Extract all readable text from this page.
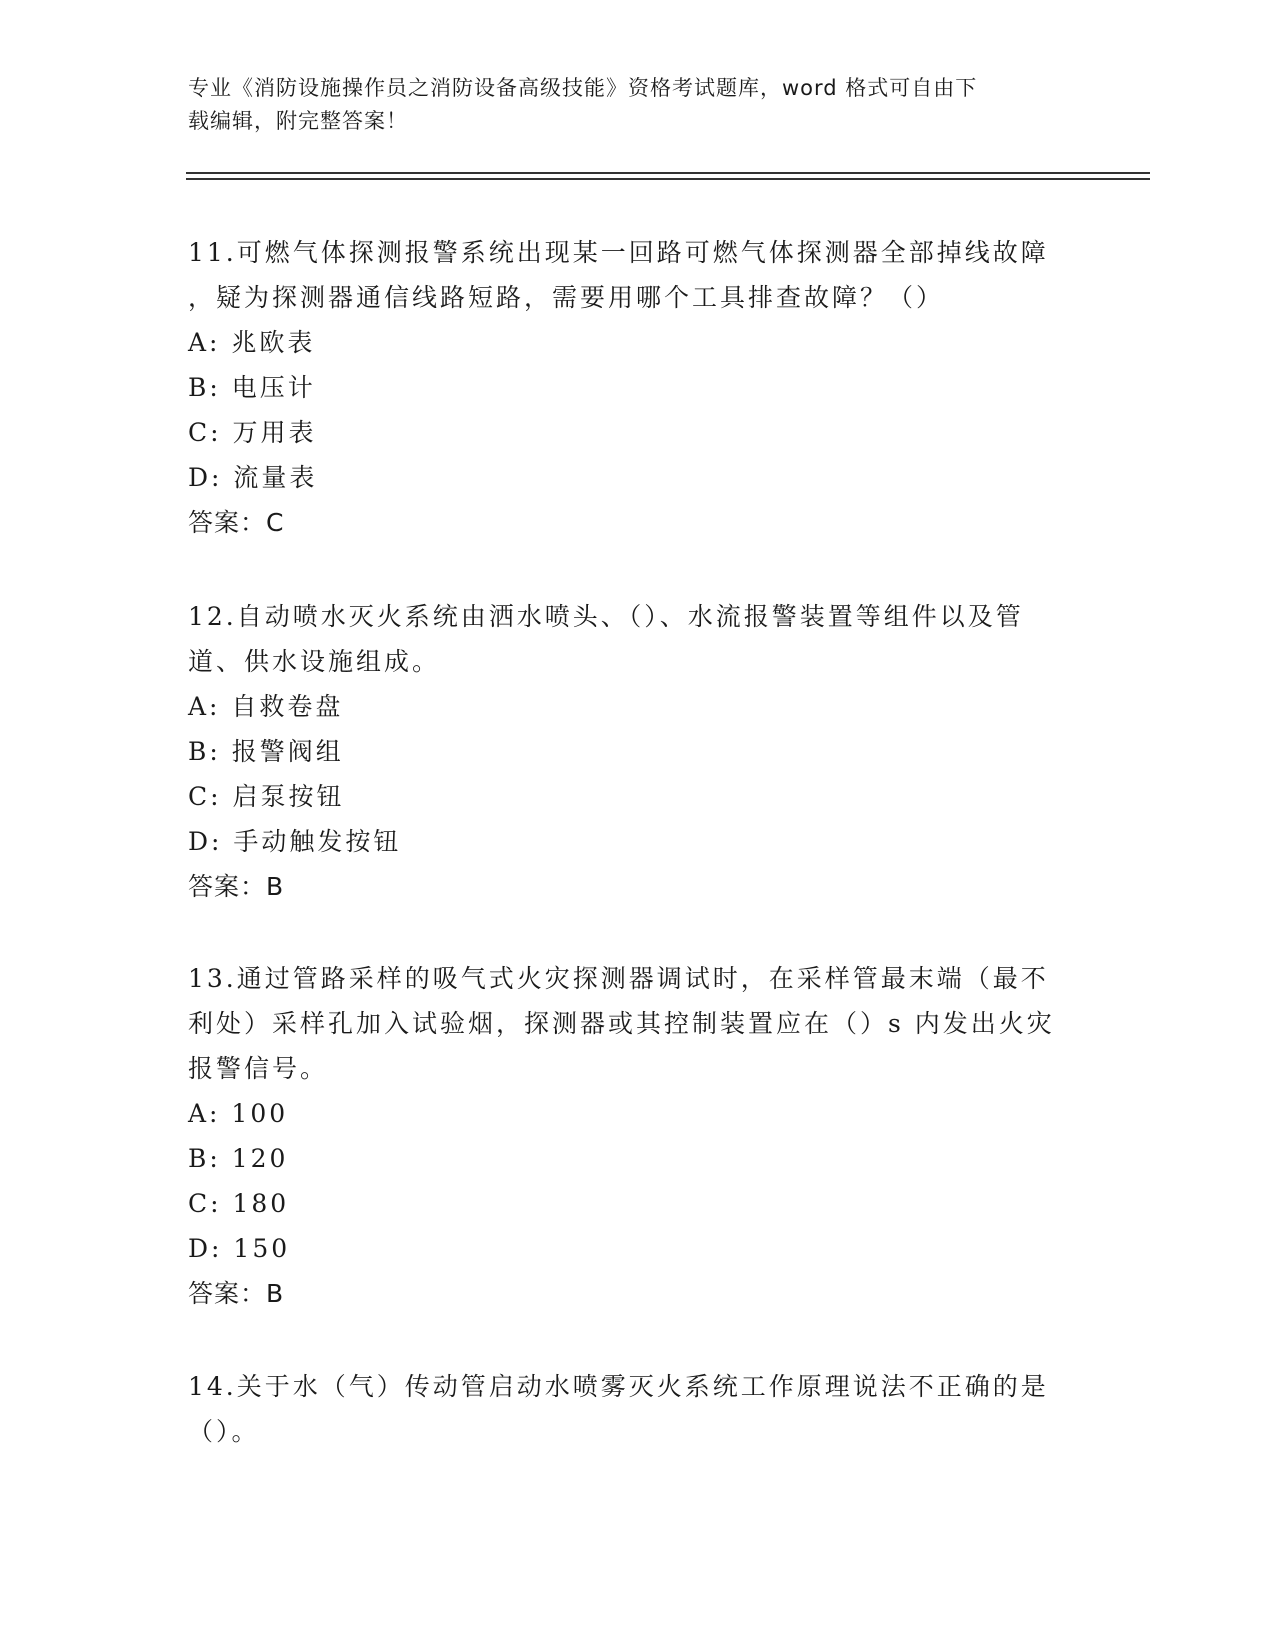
专业《消防设施操作员之消防设备高级技能》资格考试题库，word 格式可自由下
载编辑，附完整答案！
11.可燃气体探测报警系统出现某一回路可燃气体探测器全部掉线故障
，疑为探测器通信线路短路，需要用哪个工具排查故障？（）
A: 兆欧表
B: 电压计
C: 万用表
D: 流量表
答案：C
12.自动喷水灭火系统由洒水喷头、（）、水流报警装置等组件以及管
道、供水设施组成。
A: 自救卷盘
B: 报警阀组
C: 启泵按钮
D: 手动触发按钮
答案：B
13.通过管路采样的吸气式火灾探测器调试时，在采样管最末端（最不
利处）采样孔加入试验烟，探测器或其控制装置应在（）s 内发出火灾
报警信号。
A: 100
B: 120
C: 180
D: 150
答案：B
14.关于水（气）传动管启动水喷雾灭火系统工作原理说法不正确的是
（）。
